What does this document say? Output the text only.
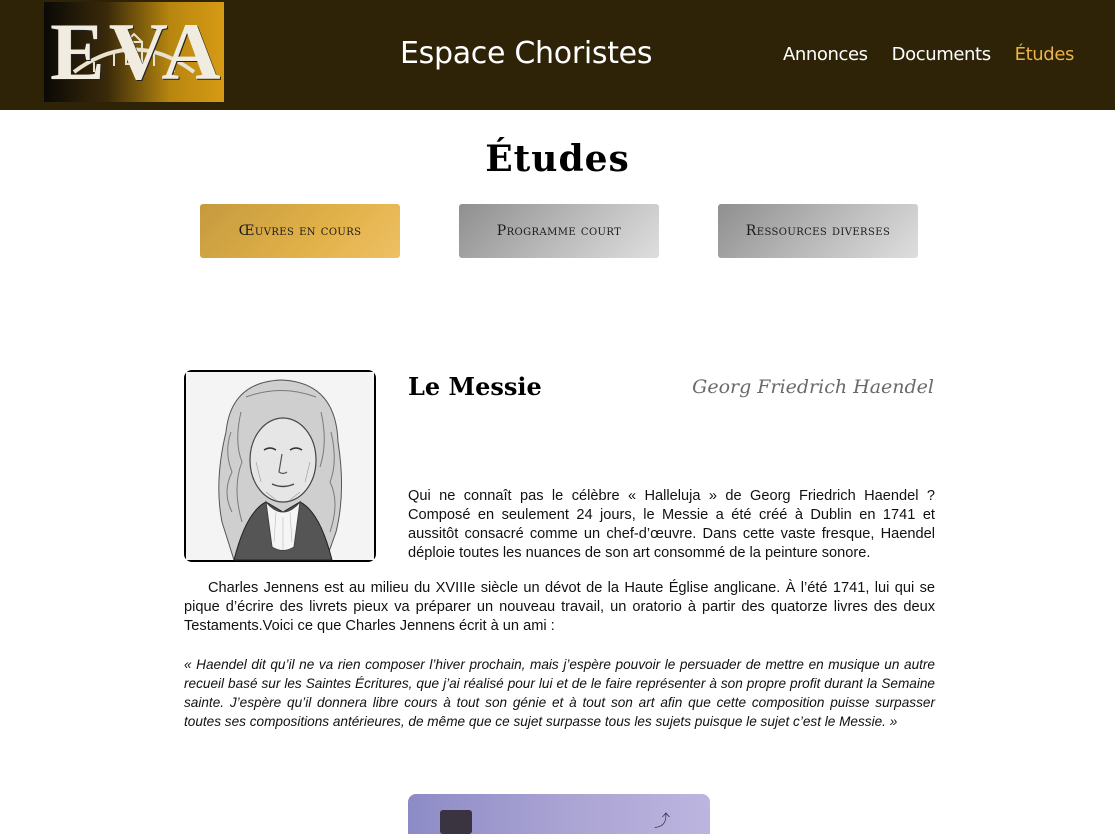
EVA	Espace Choristes	Annonces Documents Études
Études
Œuvres en cours	Programme court	Ressources diverses
Le Messie	Georg Friedrich Haendel

Qui ne connaît pas le célèbre « Halleluja » de Georg Friedrich Haendel ? Composé en seulement 24 jours, le Messie a été créé à Dublin en 1741 et aussitôt consacré comme un chef-d’œuvre. Dans cette vaste fresque, Haendel déploie toutes les nuances de son art consommé de la peinture sonore.

Charles Jennens est au milieu du XVIIIe siècle un dévot de la Haute Église anglicane. À l’été 1741, lui qui se pique d’écrire des livrets pieux va préparer un nouveau travail, un oratorio à partir des quatorze livres des deux Testaments.Voici ce que Charles Jennens écrit à un ami :

« Haendel dit qu’il ne va rien composer l’hiver prochain, mais j’espère pouvoir le persuader de mettre en musique un autre recueil basé sur les Saintes Écritures, que j’ai réalisé pour lui et de le faire représenter à son propre profit durant la Semaine sainte. J’espère qu’il donnera libre cours à tout son génie et à tout son art afin que cette composition puisse surpasser toutes ses compositions antérieures, de même que ce sujet surpasse tous les sujets puisque le sujet c’est le Messie. »

⤴
